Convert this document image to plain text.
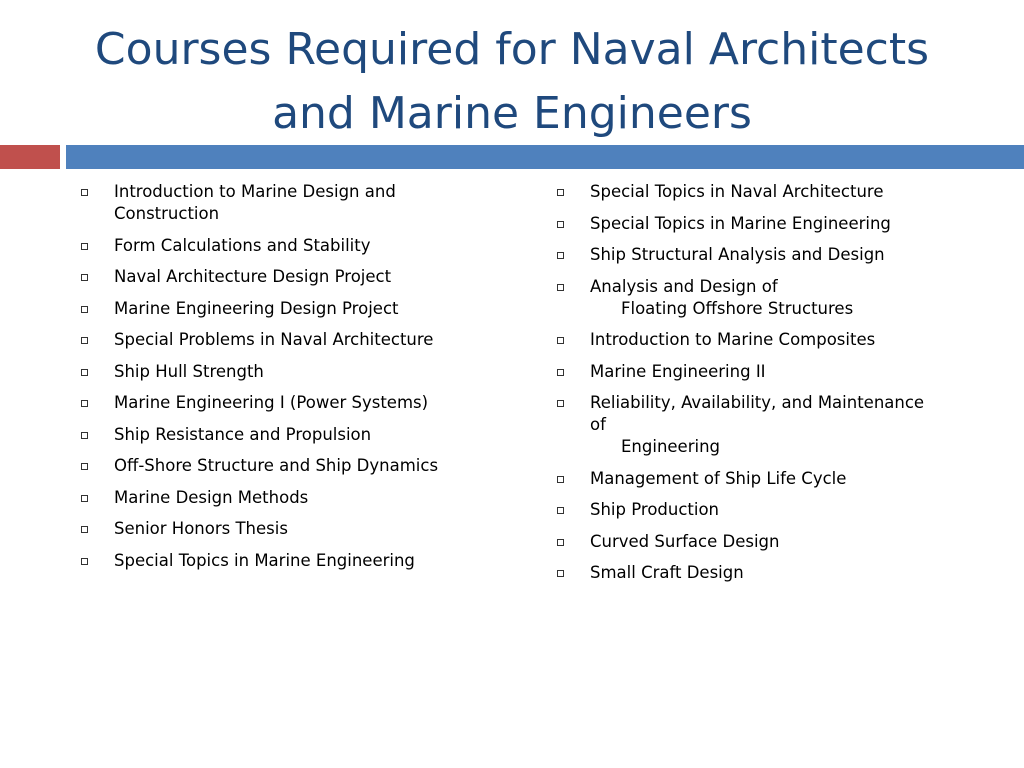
Courses Required for Naval Architects
and Marine Engineers
Introduction to Marine Design and
Construction
Form Calculations and Stability
Naval Architecture Design Project
Marine Engineering Design Project
Special Problems in Naval Architecture
Ship Hull Strength
Marine Engineering I (Power Systems)
Ship Resistance and Propulsion
Off-Shore Structure and Ship Dynamics
Marine Design Methods
Senior Honors Thesis
Special Topics in Marine Engineering
Special Topics in Naval Architecture
Special Topics in Marine Engineering
Ship Structural Analysis and Design
Analysis and Design of
Floating Offshore Structures
Introduction to Marine Composites
Marine Engineering II
Reliability, Availability, and Maintenance
of
Engineering
Management of Ship Life Cycle
Ship Production
Curved Surface Design
Small Craft Design
